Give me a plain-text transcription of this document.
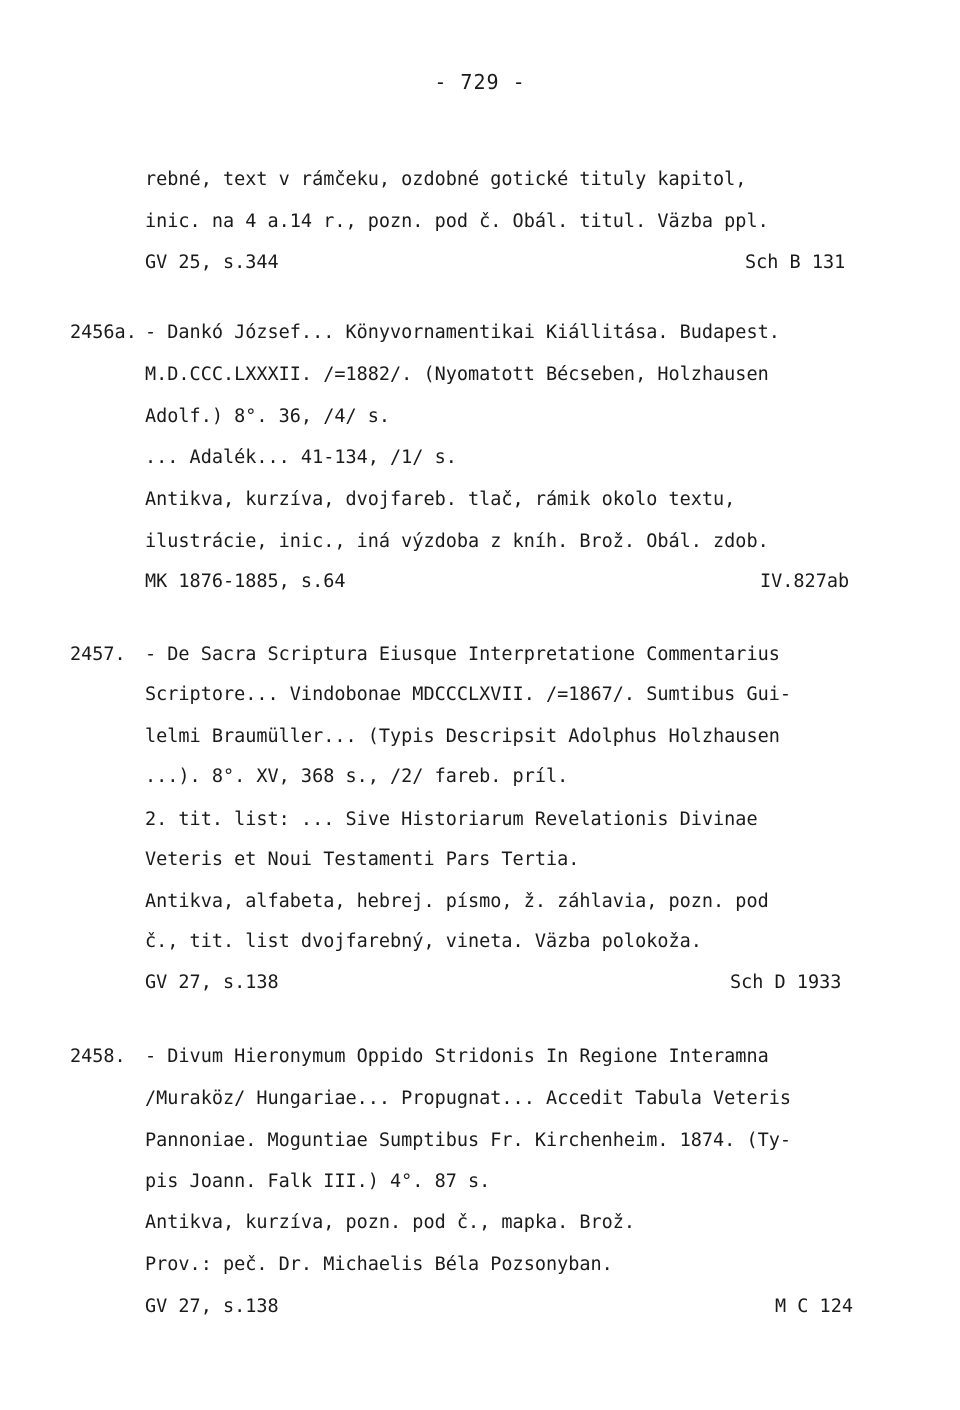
- 729 -
rebné, text v rámčeku, ozdobné gotické tituly kapitol,
inic. na 4 a.14 r., pozn. pod č. Obál. titul. Väzba ppl.
GV 25, s.344	Sch B 131
2456a. - Dankó József... Könyvornamentikai Kiállitása. Budapest.
M.D.CCC.LXXXII. /=1882/. (Nyomatott Bécseben, Holzhausen
Adolf.) 8°. 36, /4/ s.
... Adalék... 41-134, /1/ s.
Antikva, kurzíva, dvojfareb. tlač, rámik okolo textu,
ilustrácie, inic., iná výzdoba z kníh. Brož. Obál. zdob.
MK 1876-1885, s.64	IV.827ab
2457. - De Sacra Scriptura Eiusque Interpretatione Commentarius
Scriptore... Vindobonae MDCCCLXVII. /=1867/. Sumtibus Gui-
lelmi Braumüller... (Typis Descripsit Adolphus Holzhausen
...). 8°. XV, 368 s., /2/ fareb. príl.
2. tit. list: ... Sive Historiarum Revelationis Divinae
Veteris et Noui Testamenti Pars Tertia.
Antikva, alfabeta, hebrej. písmo, ž. záhlavia, pozn. pod
č., tit. list dvojfarebný, vineta. Väzba polokoža.
GV 27, s.138	Sch D 1933
2458. - Divum Hieronymum Oppido Stridonis In Regione Interamna
/Muraköz/ Hungariae... Propugnat... Accedit Tabula Veteris
Pannoniae. Moguntiae Sumptibus Fr. Kirchenheim. 1874. (Ty-
pis Joann. Falk III.) 4°. 87 s.
Antikva, kurzíva, pozn. pod č., mapka. Brož.
Prov.: peč. Dr. Michaelis Béla Pozsonyban.
GV 27, s.138	M C 124
